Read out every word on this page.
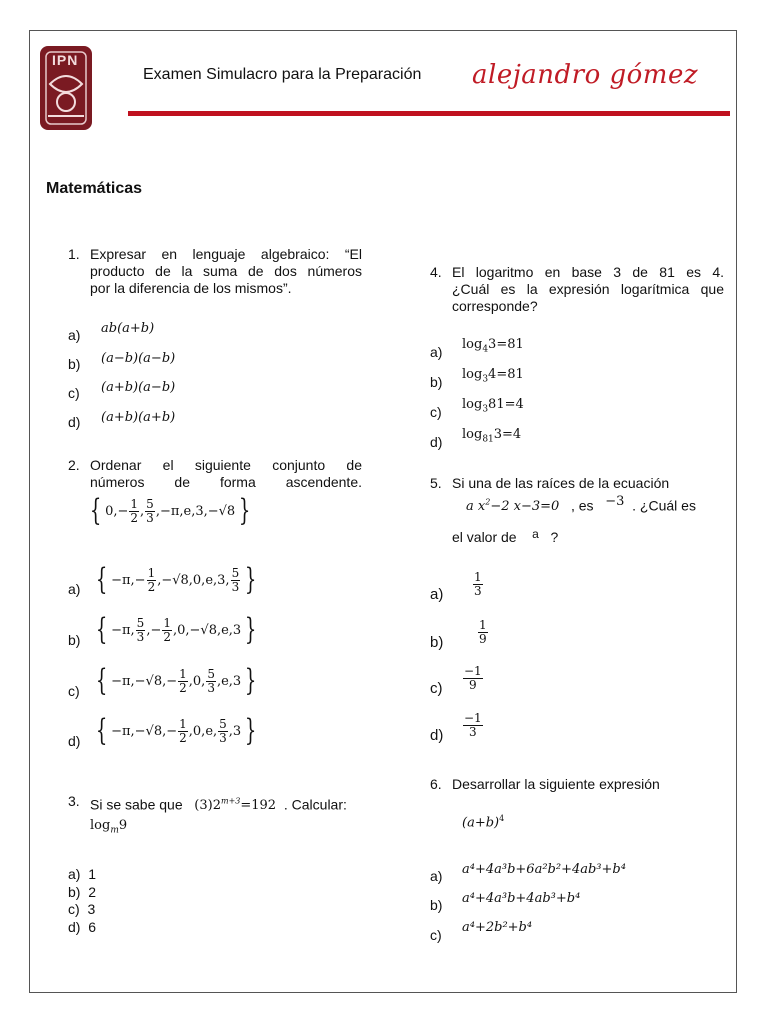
IPN
Examen Simulacro para la Preparación alejandro gómez
Matemáticas
1. Expresar en lenguaje algebraico: “El
producto de la suma de dos números
por la diferencia de los mismos”.
a) ab(a+b)
b) (a−b)(a−b)
c) (a+b)(a−b)
d) (a+b)(a+b)
2. Ordenar el siguiente conjunto de
números de forma ascendente.
{ $0,- \frac{1}{2}$ , $\frac{5}{3} ,-\pi,e,3,-√8$ }
a) { $-\pi,- \frac{1}{2} ,-√8,0,e,3$, $\frac{5}{3}$ }
b) { −π, $\frac{5}{3}$ ,− $\frac{1}{2} ,0,-√8,e,3$ }
c) { $-\pi,-√8,- \frac{1}{2} ,0$, $\frac{5}{3} ,e,3$ }
d) { $-\pi,-√8,- \frac{1}{2} ,0,e$, $\frac{5}{3} ,3$ }
3. Si se sabe que $(3)2^{m+3}=192$ . Calcular:
$\log_m9$
a) 1
b) 2
c) 3
d) 6
4. El logaritmo en base 3 de 81 es 4.
¿Cuál es la expresión logarítmica que
corresponde?
a) $\log_43=81$
b) $\log_34=81$
c) $\log_381=4$
d) $\log_{81}3=4$
5. Si una de las raíces de la ecuación
a $x^2-2$ x−3=0 , es −3 . ¿Cuál es
el valor de a ?
$a) \frac{1}{3}$
b)	$\frac{1}{9}$
$c) \frac{-1}{9}$
$d) \frac{-1}{3}$
6. Desarrollar la siguiente expresión
$(a+b)^4$
a) a⁴+4a³b+6a²b²+4ab³+b⁴
b) a⁴+4a³b+4ab³+b⁴
c) a⁴+2b²+b⁴
